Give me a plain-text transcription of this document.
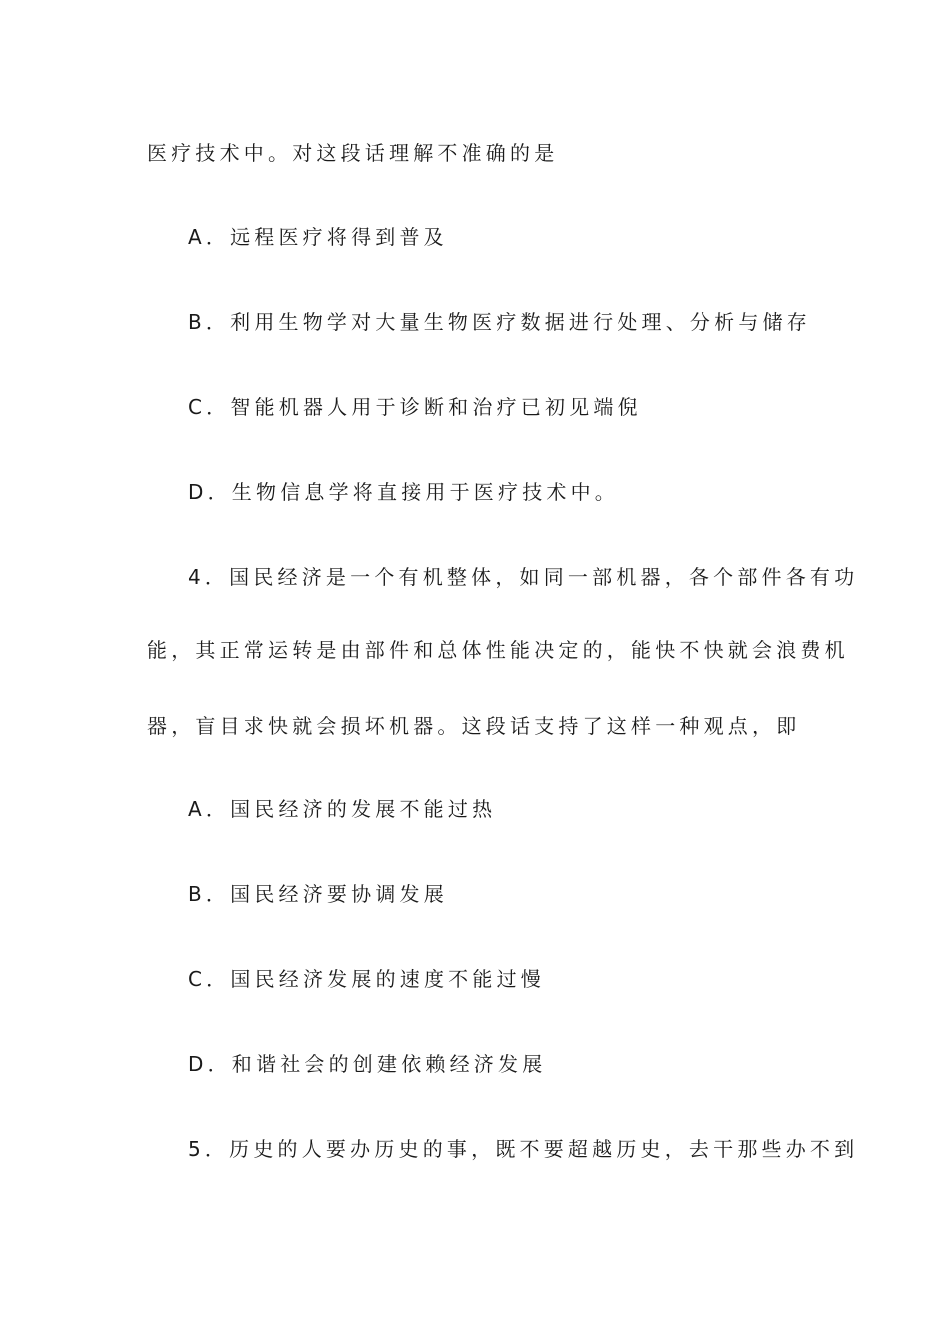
医疗技术中。对这段话理解不准确的是
A．远程医疗将得到普及
B．利用生物学对大量生物医疗数据进行处理、分析与储存
C．智能机器人用于诊断和治疗已初见端倪
D．生物信息学将直接用于医疗技术中。
4．国民经济是一个有机整体，如同一部机器，各个部件各有功
能，其正常运转是由部件和总体性能决定的，能快不快就会浪费机
器，盲目求快就会损坏机器。这段话支持了这样一种观点，即
A．国民经济的发展不能过热
B．国民经济要协调发展
C．国民经济发展的速度不能过慢
D．和谐社会的创建依赖经济发展
5．历史的人要办历史的事，既不要超越历史，去干那些办不到
